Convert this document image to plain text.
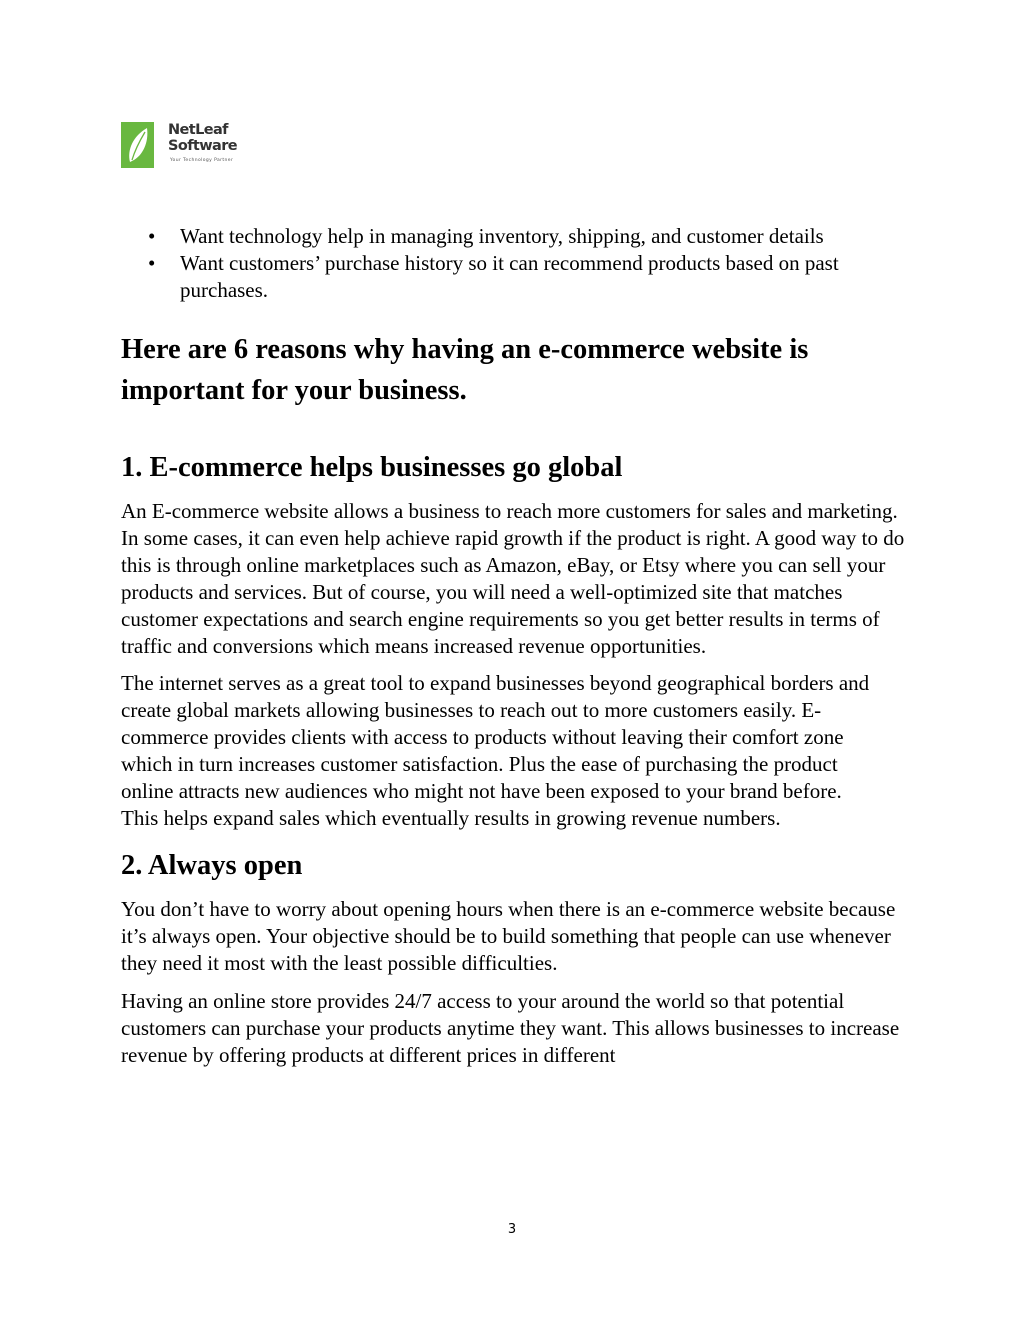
NetLeaf
Software
Your Technology Partner
• Want technology help in managing inventory, shipping, and customer details
• Want customers’ purchase history so it can recommend products based on past purchases.
Here are 6 reasons why having an e-commerce website is important for your business.
1. E-commerce helps businesses go global

An E-commerce website allows a business to reach more customers for sales and marketing. In some cases, it can even help achieve rapid growth if the product is right. A good way to do this is through online marketplaces such as Amazon, eBay, or Etsy where you can sell your products and services. But of course, you will need a well-optimized site that matches customer expectations and search engine requirements so you get better results in terms of traffic and conversions which means increased revenue opportunities.

The internet serves as a great tool to expand businesses beyond geographical borders and create global markets allowing businesses to reach out to more customers easily. E-commerce provides clients with access to products without leaving their comfort zone which in turn increases customer satisfaction. Plus the ease of purchasing the product online attracts new audiences who might not have been exposed to your brand before. This helps expand sales which eventually results in growing revenue numbers.

2. Always open

You don’t have to worry about opening hours when there is an e-commerce website because it’s always open. Your objective should be to build something that people can use whenever they need it most with the least possible difficulties.

Having an online store provides 24/7 access to your around the world so that potential customers can purchase your products anytime they want. This allows businesses to increase revenue by offering products at different prices in different

3
